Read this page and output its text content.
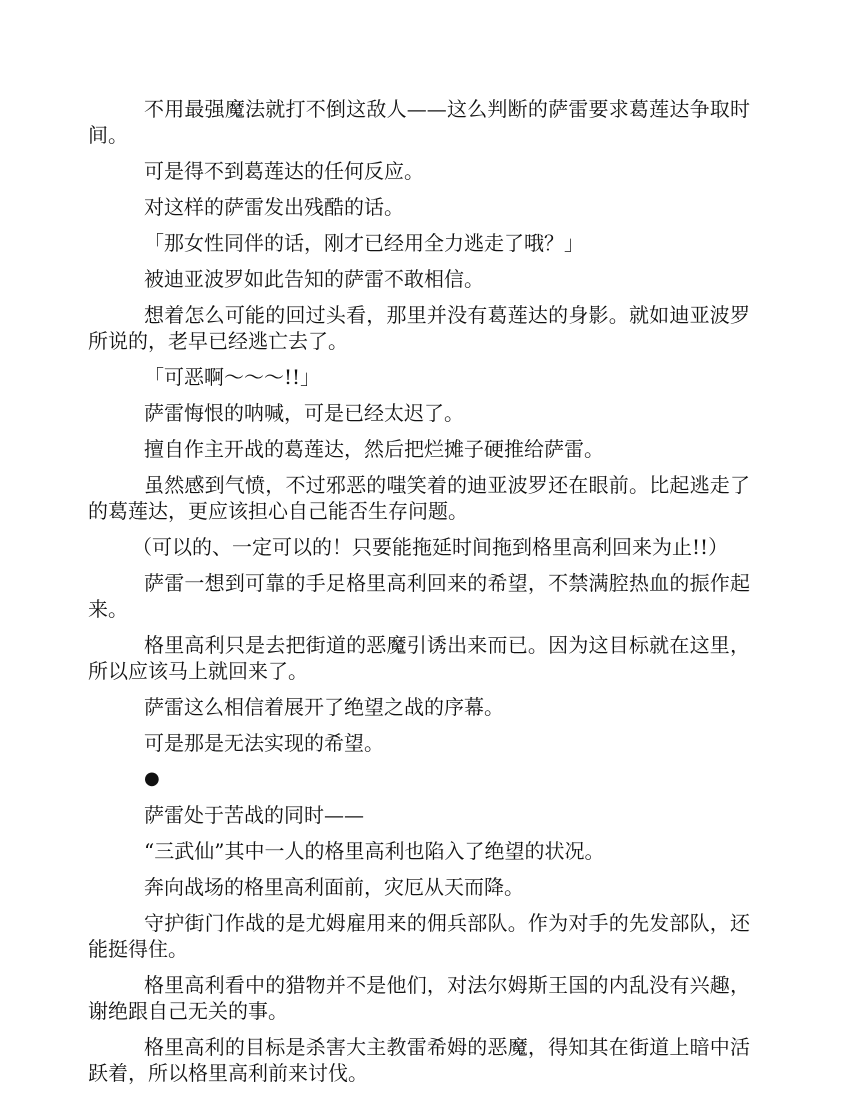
不用最强魔法就打不倒这敌人——这么判断的萨雷要求葛莲达争取时间。

可是得不到葛莲达的任何反应。

对这样的萨雷发出残酷的话。

「那女性同伴的话，刚才已经用全力逃走了哦？」

被迪亚波罗如此告知的萨雷不敢相信。

想着怎么可能的回过头看，那里并没有葛莲达的身影。就如迪亚波罗所说的，老早已经逃亡去了。

「可恶啊～～～!!」

萨雷悔恨的呐喊，可是已经太迟了。

擅自作主开战的葛莲达，然后把烂摊子硬推给萨雷。

虽然感到气愤，不过邪恶的嗤笑着的迪亚波罗还在眼前。比起逃走了的葛莲达，更应该担心自己能否生存问题。

（可以的、一定可以的！只要能拖延时间拖到格里高利回来为止!!）

萨雷一想到可靠的手足格里高利回来的希望，不禁满腔热血的振作起来。

格里高利只是去把街道的恶魔引诱出来而已。因为这目标就在这里，所以应该马上就回来了。

萨雷这么相信着展开了绝望之战的序幕。

可是那是无法实现的希望。

●

萨雷处于苦战的同时——

“三武仙”其中一人的格里高利也陷入了绝望的状况。

奔向战场的格里高利面前，灾厄从天而降。

守护街门作战的是尤姆雇用来的佣兵部队。作为对手的先发部队，还能挺得住。

格里高利看中的猎物并不是他们，对法尔姆斯王国的内乱没有兴趣，谢绝跟自己无关的事。

格里高利的目标是杀害大主教雷希姆的恶魔，得知其在街道上暗中活跃着，所以格里高利前来讨伐。
